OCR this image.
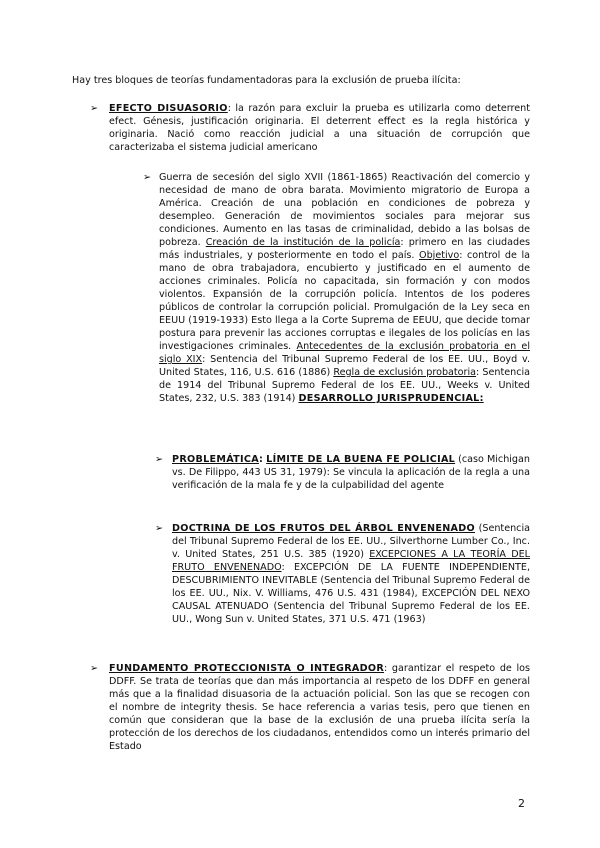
Hay tres bloques de teorías fundamentadoras para la exclusión de prueba ilícita:

➢ EFECTO DISUASORIO: la razón para excluir la prueba es utilizarla como deterrent efect. Génesis, justificación originaria. El deterrent effect es la regla histórica y originaria. Nació como reacción judicial a una situación de corrupción que caracterizaba el sistema judicial americano

➢ Guerra de secesión del siglo XVII (1861-1865) Reactivación del comercio y necesidad de mano de obra barata. Movimiento migratorio de Europa a América. Creación de una población en condiciones de pobreza y desempleo. Generación de movimientos sociales para mejorar sus condiciones. Aumento en las tasas de criminalidad, debido a las bolsas de pobreza. Creación de la institución de la policía: primero en las ciudades más industriales, y posteriormente en todo el país. Objetivo: control de la mano de obra trabajadora, encubierto y justificado en el aumento de acciones criminales. Policía no capacitada, sin formación y con modos violentos. Expansión de la corrupción policía. Intentos de los poderes públicos de controlar la corrupción policial. Promulgación de la Ley seca en EEUU (1919-1933) Esto llega a la Corte Suprema de EEUU, que decide tomar postura para prevenir las acciones corruptas e ilegales de los policías en las investigaciones criminales. Antecedentes de la exclusión probatoria en el siglo XIX: Sentencia del Tribunal Supremo Federal de los EE. UU., Boyd v. United States, 116, U.S. 616 (1886) Regla de exclusión probatoria: Sentencia de 1914 del Tribunal Supremo Federal de los EE. UU., Weeks v. United States, 232, U.S. 383 (1914) DESARROLLO JURISPRUDENCIAL:

➢ PROBLEMÁTICA: LÍMITE DE LA BUENA FE POLICIAL (caso Michigan vs. De Filippo, 443 US 31, 1979): Se vincula la aplicación de la regla a una verificación de la mala fe y de la culpabilidad del agente

➢ DOCTRINA DE LOS FRUTOS DEL ÁRBOL ENVENENADO (Sentencia del Tribunal Supremo Federal de los EE. UU., Silverthorne Lumber Co., Inc. v. United States, 251 U.S. 385 (1920) EXCEPCIONES A LA TEORÍA DEL FRUTO ENVENENADO: EXCEPCIÓN DE LA FUENTE INDEPENDIENTE, DESCUBRIMIENTO INEVITABLE (Sentencia del Tribunal Supremo Federal de los EE. UU., Nix. V. Williams, 476 U.S. 431 (1984), EXCEPCIÓN DEL NEXO CAUSAL ATENUADO (Sentencia del Tribunal Supremo Federal de los EE. UU., Wong Sun v. United States, 371 U.S. 471 (1963)

➢ FUNDAMENTO PROTECCIONISTA O INTEGRADOR: garantizar el respeto de los DDFF. Se trata de teorías que dan más importancia al respeto de los DDFF en general más que a la finalidad disuasoria de la actuación policial. Son las que se recogen con el nombre de integrity thesis. Se hace referencia a varias tesis, pero que tienen en común que consideran que la base de la exclusión de una prueba ilícita sería la protección de los derechos de los ciudadanos, entendidos como un interés primario del Estado

2
